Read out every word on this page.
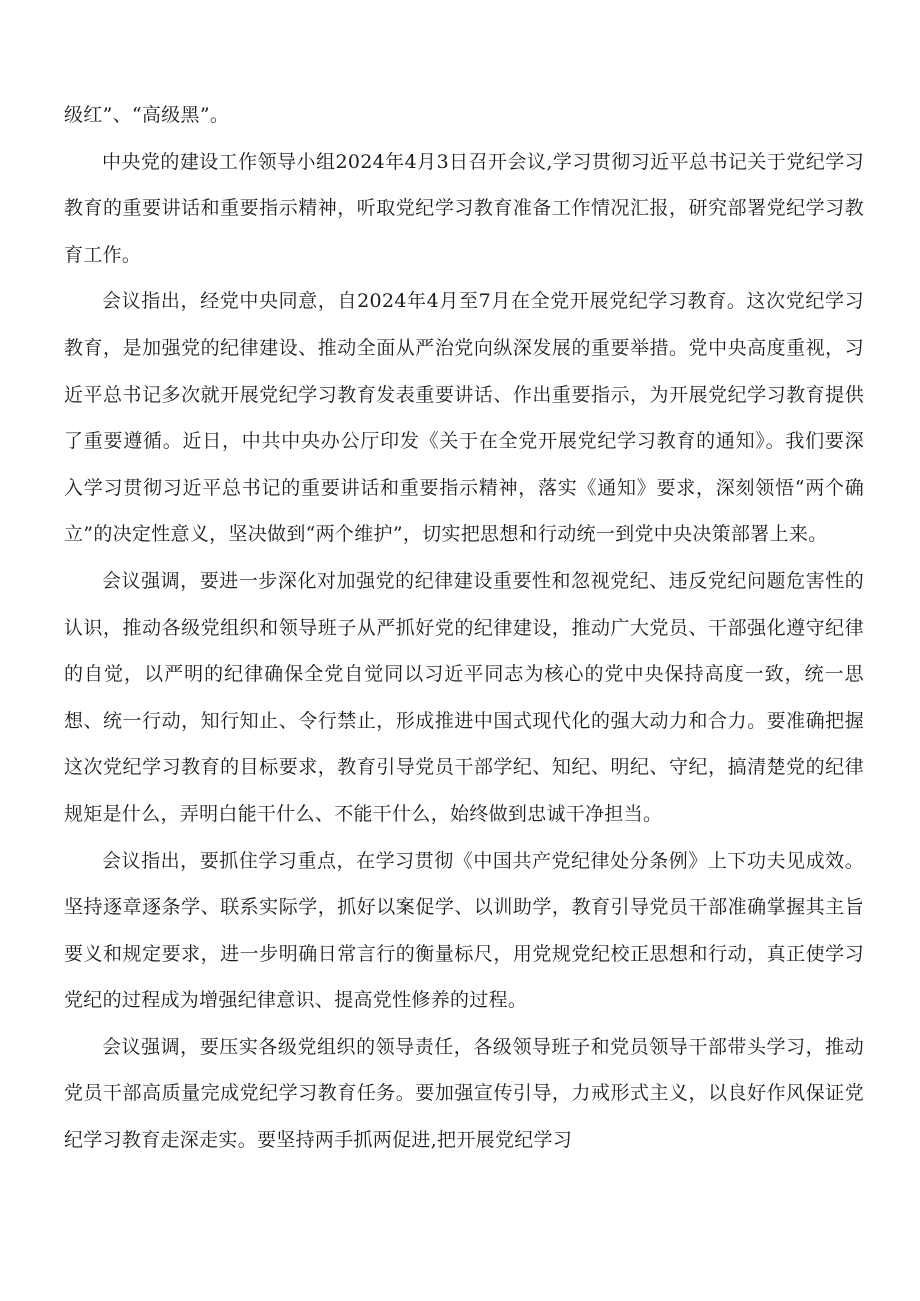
级红”、“高级黑”。

中央党的建设工作领导小组2024年4月3日召开会议,学习贯彻习近平总书记关于党纪学习教育的重要讲话和重要指示精神，听取党纪学习教育准备工作情况汇报，研究部署党纪学习教育工作。

会议指出，经党中央同意，自2024年4月至7月在全党开展党纪学习教育。这次党纪学习教育，是加强党的纪律建设、推动全面从严治党向纵深发展的重要举措。党中央高度重视，习近平总书记多次就开展党纪学习教育发表重要讲话、作出重要指示，为开展党纪学习教育提供了重要遵循。近日，中共中央办公厅印发《关于在全党开展党纪学习教育的通知》。我们要深入学习贯彻习近平总书记的重要讲话和重要指示精神，落实《通知》要求，深刻领悟“两个确立”的决定性意义，坚决做到“两个维护”，切实把思想和行动统一到党中央决策部署上来。

会议强调，要进一步深化对加强党的纪律建设重要性和忽视党纪、违反党纪问题危害性的认识，推动各级党组织和领导班子从严抓好党的纪律建设，推动广大党员、干部强化遵守纪律的自觉，以严明的纪律确保全党自觉同以习近平同志为核心的党中央保持高度一致，统一思想、统一行动，知行知止、令行禁止，形成推进中国式现代化的强大动力和合力。要准确把握这次党纪学习教育的目标要求，教育引导党员干部学纪、知纪、明纪、守纪，搞清楚党的纪律规矩是什么，弄明白能干什么、不能干什么，始终做到忠诚干净担当。

会议指出，要抓住学习重点，在学习贯彻《中国共产党纪律处分条例》上下功夫见成效。坚持逐章逐条学、联系实际学，抓好以案促学、以训助学，教育引导党员干部准确掌握其主旨要义和规定要求，进一步明确日常言行的衡量标尺，用党规党纪校正思想和行动，真正使学习党纪的过程成为增强纪律意识、提高党性修养的过程。

会议强调，要压实各级党组织的领导责任，各级领导班子和党员领导干部带头学习，推动党员干部高质量完成党纪学习教育任务。要加强宣传引导，力戒形式主义，以良好作风保证党纪学习教育走深走实。要坚持两手抓两促进,把开展党纪学习
